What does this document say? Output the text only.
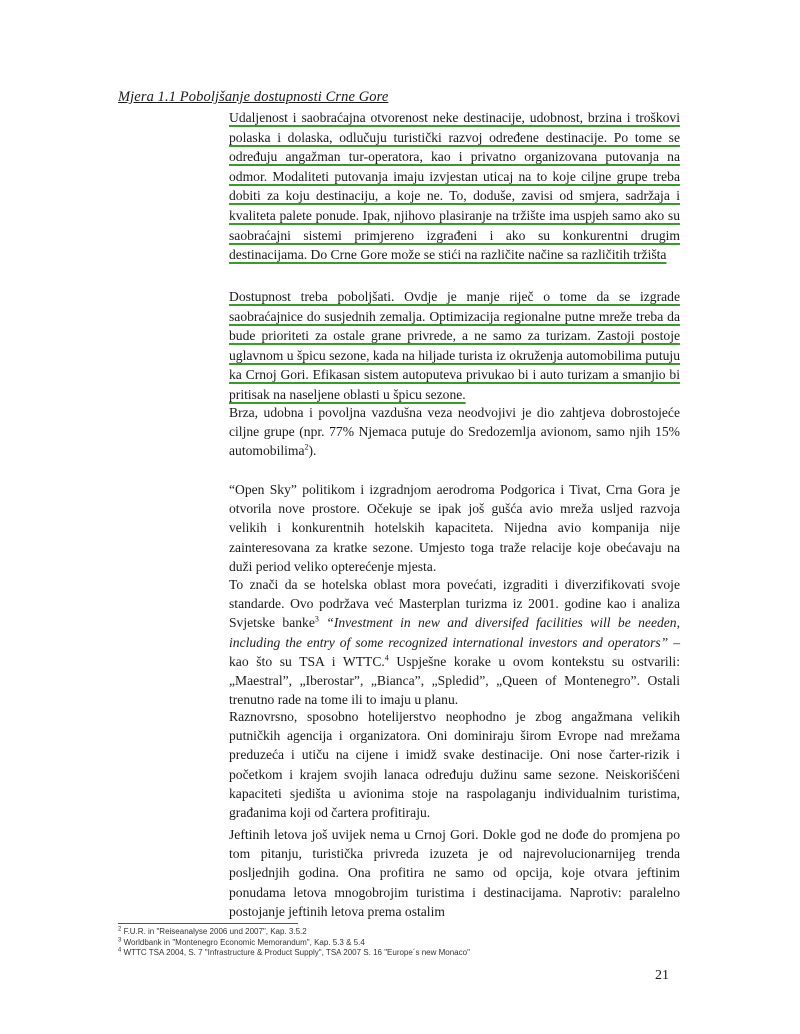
Mjera 1.1 Poboljšanje dostupnosti Crne Gore

Udaljenost i saobraćajna otvorenost neke destinacije, udobnost, brzina i troškovi polaska i dolaska, odlučuju turistički razvoj određene destinacije. Po tome se određuju angažman tur-operatora, kao i privatno organizovana putovanja na odmor. Modaliteti putovanja imaju izvjestan uticaj na to koje ciljne grupe treba dobiti za koju destinaciju, a koje ne. To, doduše, zavisi od smjera, sadržaja i kvaliteta palete ponude. Ipak, njihovo plasiranje na tržište ima uspjeh samo ako su saobraćajni sistemi primjereno izgrađeni i ako su konkurentni drugim destinacijama. Do Crne Gore može se stići na različite načine sa različitih tržišta

Dostupnost treba poboljšati. Ovdje je manje riječ o tome da se izgrade saobraćajnice do susjednih zemalja. Optimizacija regionalne putne mreže treba da bude prioriteti za ostale grane privrede, a ne samo za turizam. Zastoji postoje uglavnom u špicu sezone, kada na hiljade turista iz okruženja automobilima putuju ka Crnoj Gori. Efikasan sistem autoputeva privukao bi i auto turizam a smanjio bi pritisak na naseljene oblasti u špicu sezone.

Brza, udobna i povoljna vazdušna veza neodvojivi je dio zahtjeva dobrostojeće ciljne grupe (npr. 77% Njemaca putuje do Sredozemlja avionom, samo njih 15% automobilima$^2$).

“Open Sky” politikom i izgradnjom aerodroma Podgorica i Tivat, Crna Gora je otvorila nove prostore. Očekuje se ipak još gušća avio mreža usljed razvoja velikih i konkurentnih hotelskih kapaciteta. Nijedna avio kompanija nije zainteresovana za kratke sezone. Umjesto toga traže relacije koje obećavaju na duži period veliko opterećenje mjesta.

To znači da se hotelska oblast mora povećati, izgraditi i diverzifikovati svoje standarde. Ovo podržava već Masterplan turizma iz 2001. godine kao i analiza Svjetske banke$^3$ “Investment in new and diversifed facilities will be needen, including the entry of some recognized international investors and operators” – kao što su TSA i WTTC.$^4$ Uspješne korake u ovom kontekstu su ostvarili: „Maestral”, „Iberostar”, „Bianca”, „Spledid”, „Queen of Montenegro”. Ostali trenutno rade na tome ili to imaju u planu.

Raznovrsno, sposobno hotelijerstvo neophodno je zbog angažmana velikih putničkih agencija i organizatora. Oni dominiraju širom Evrope nad mrežama preduzeća i utiču na cijene i imidž svake destinacije. Oni nose čarter-rizik i početkom i krajem svojih lanaca određuju dužinu same sezone. Neiskorišćeni kapaciteti sjedišta u avionima stoje na raspolaganju individualnim turistima, građanima koji od čartera profitiraju.

Jeftinih letova još uvijek nema u Crnoj Gori. Dokle god ne dođe do promjena po tom pitanju, turistička privreda izuzeta je od najrevolucionarnijeg trenda posljednjih godina. Ona profitira ne samo od opcija, koje otvara jeftinim ponudama letova mnogobrojim turistima i destinacijama. Naprotiv: paralelno postojanje jeftinih letova prema ostalim

$^2$ F.U.R. in "Reiseanalyse 2006 und 2007", Kap. 3.5.2
$^3$ Worldbank in "Montenegro Economic Memorandum", Kap. 5.3 & 5.4
$^4$ WTTC TSA 2004, S. 7 "Infrastructure & Product Supply", TSA 2007 S. 16 "Europe´s new Monaco"
21
